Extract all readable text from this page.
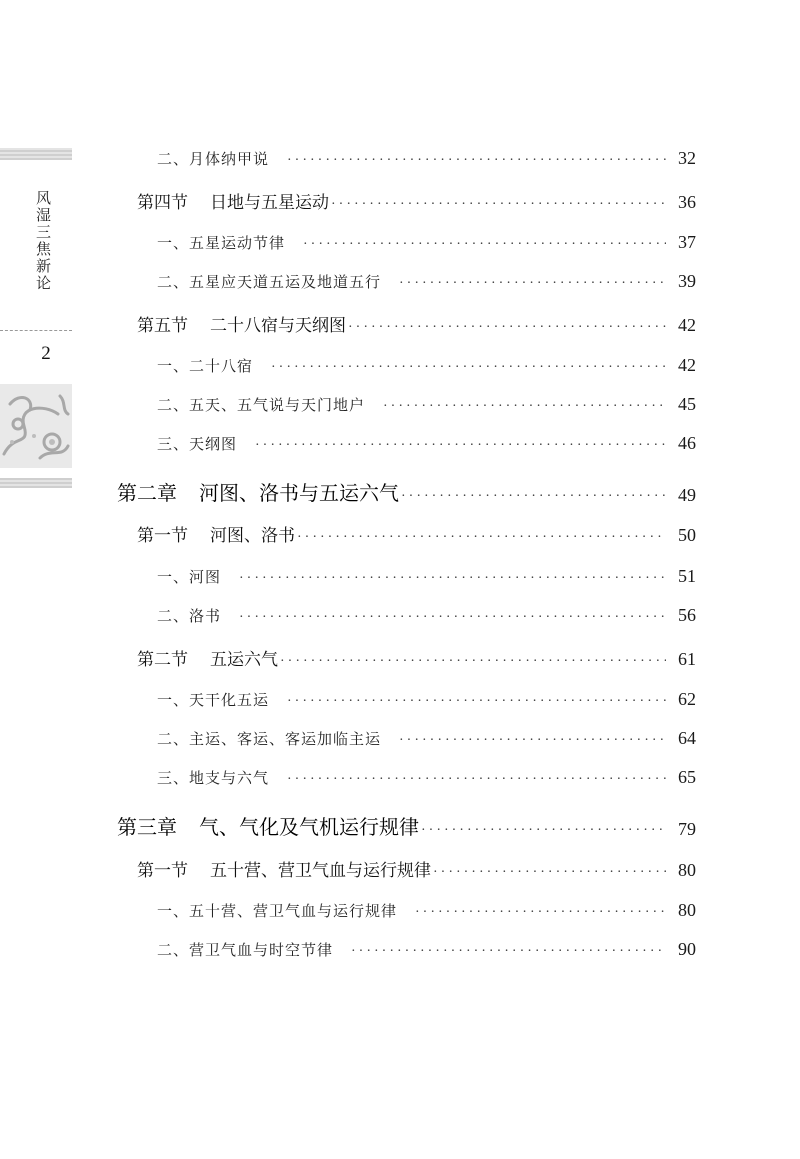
风湿三焦新论
2
二、月体纳甲说 ·····	32
第四节 日地与五星运动 ·····	36
一、五星运动节律 ·····	37
二、五星应天道五运及地道五行 ·····	39
第五节 二十八宿与天纲图 ·····	42
一、二十八宿 ·····	42
二、五天、五气说与天门地户 ·····	45
三、天纲图 ·····	46
第二章 河图、洛书与五运六气 ·····	49
第一节 河图、洛书 ·····	50
一、河图 ·····	51
二、洛书 ·····	56
第二节 五运六气 ·····	61
一、天干化五运 ·····	62
二、主运、客运、客运加临主运 ·····	64
三、地支与六气 ·····	65
第三章 气、气化及气机运行规律 ·····	79
第一节 五十营、营卫气血与运行规律 ·····	80
一、五十营、营卫气血与运行规律 ·····	80
二、营卫气血与时空节律 ·····	90
